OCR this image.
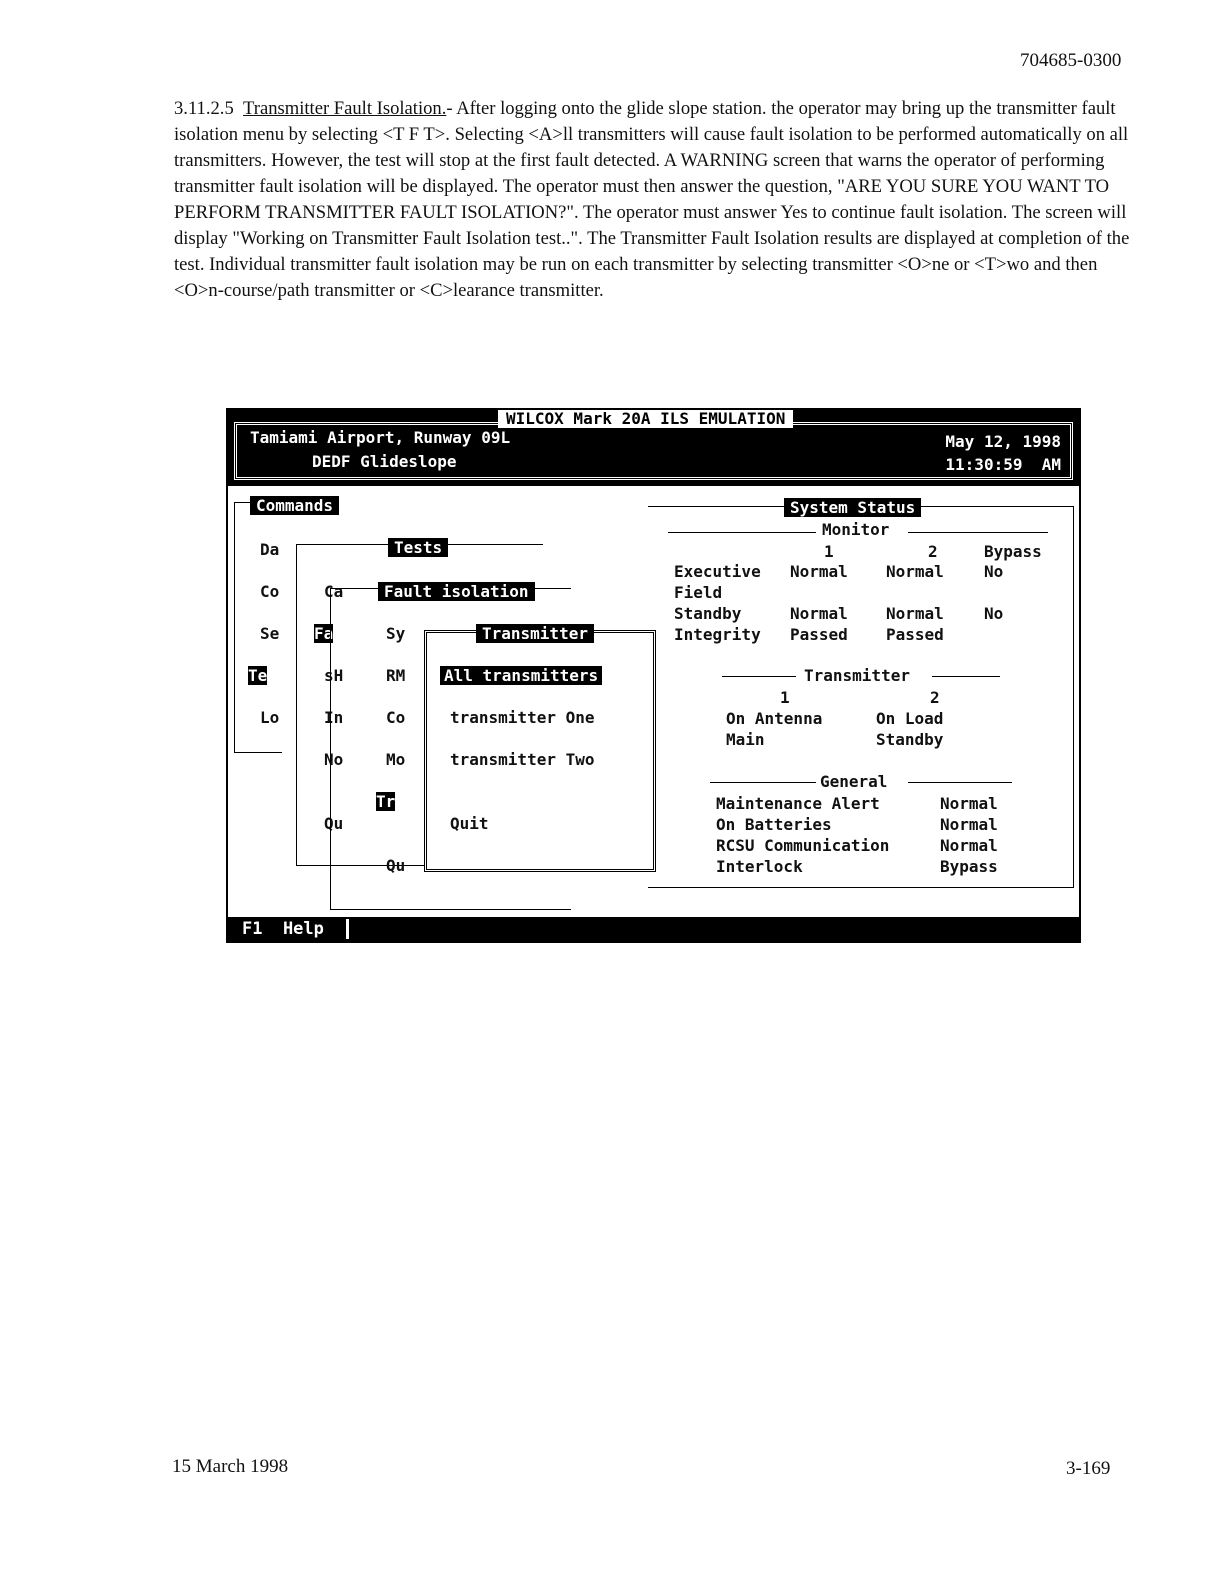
704685-0300

3.11.2.5 Transmitter Fault Isolation.- After logging onto the glide slope station. the operator may bring up the transmitter fault isolation menu by selecting <T F T>. Selecting <A>ll transmitters will cause fault isolation to be performed automatically on all transmitters. However, the test will stop at the first fault detected. A WARNING screen that warns the operator of performing transmitter fault isolation will be displayed. The operator must then answer the question, "ARE YOU SURE YOU WANT TO PERFORM TRANSMITTER FAULT ISOLATION?". The operator must answer Yes to continue fault isolation. The screen will display "Working on Transmitter Fault Isolation test..". The Transmitter Fault Isolation results are displayed at completion of the test. Individual transmitter fault isolation may be run on each transmitter by selecting transmitter <O>ne or <T>wo and then <O>n-course/path transmitter or <C>learance transmitter.

WILCOX Mark 20A ILS EMULATION
Tamiami Airport, Runway 09L
DEDF Glideslope
May 12, 1998
11:30:59  AM
Commands
Da
Co
Se
Te
Lo
Tests
Ca
Fa
sH
In
No
Qu
Fault isolation
Sy
RM
Co
Mo
Tr
Qu
Transmitter
All transmitters
transmitter One
transmitter Two
Quit
System Status
Monitor
1	2	Bypass
Executive Normal Normal	No
Field
Standby	Normal Normal	No
Integrity Passed Passed
Transmitter
1	2
On Antenna	On Load
Main	Standby
General
Maintenance Alert	Normal
On Batteries	Normal
RCSU Communication	Normal
Interlock	Bypass
F1  Help
15 March 1998	3-169
